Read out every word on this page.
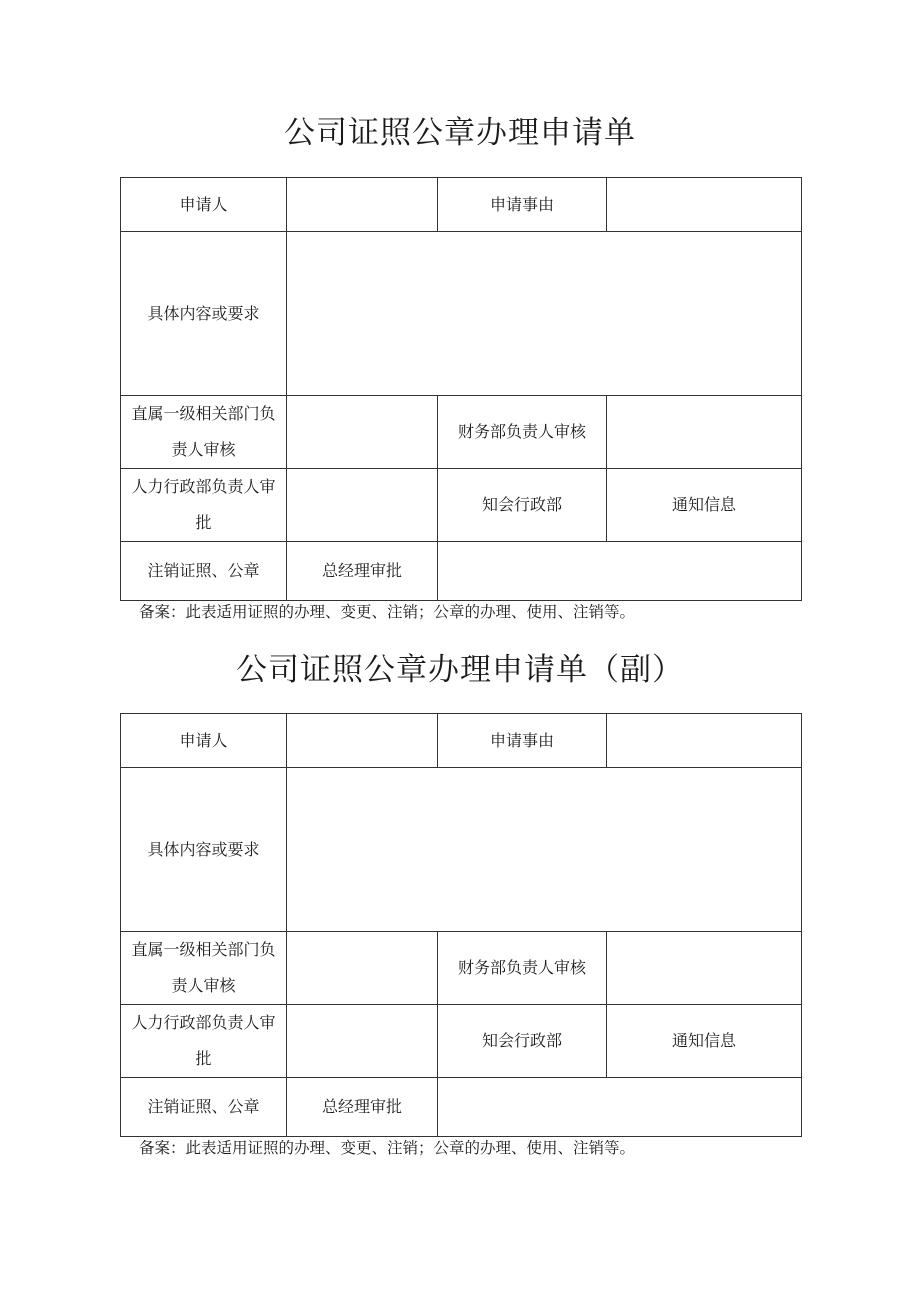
公司证照公章办理申请单
申请人		申请事由	
具体内容或要求			
直属一级相关部门负责人审核		财务部负责人审核	
人力行政部负责人审批		知会行政部	通知信息
注销证照、公章	总经理审批		
备案：此表适用证照的办理、变更、注销；公章的办理、使用、注销等。
公司证照公章办理申请单（副）
申请人		申请事由	
具体内容或要求			
直属一级相关部门负责人审核		财务部负责人审核	
人力行政部负责人审批		知会行政部	通知信息
注销证照、公章	总经理审批		
备案：此表适用证照的办理、变更、注销；公章的办理、使用、注销等。
